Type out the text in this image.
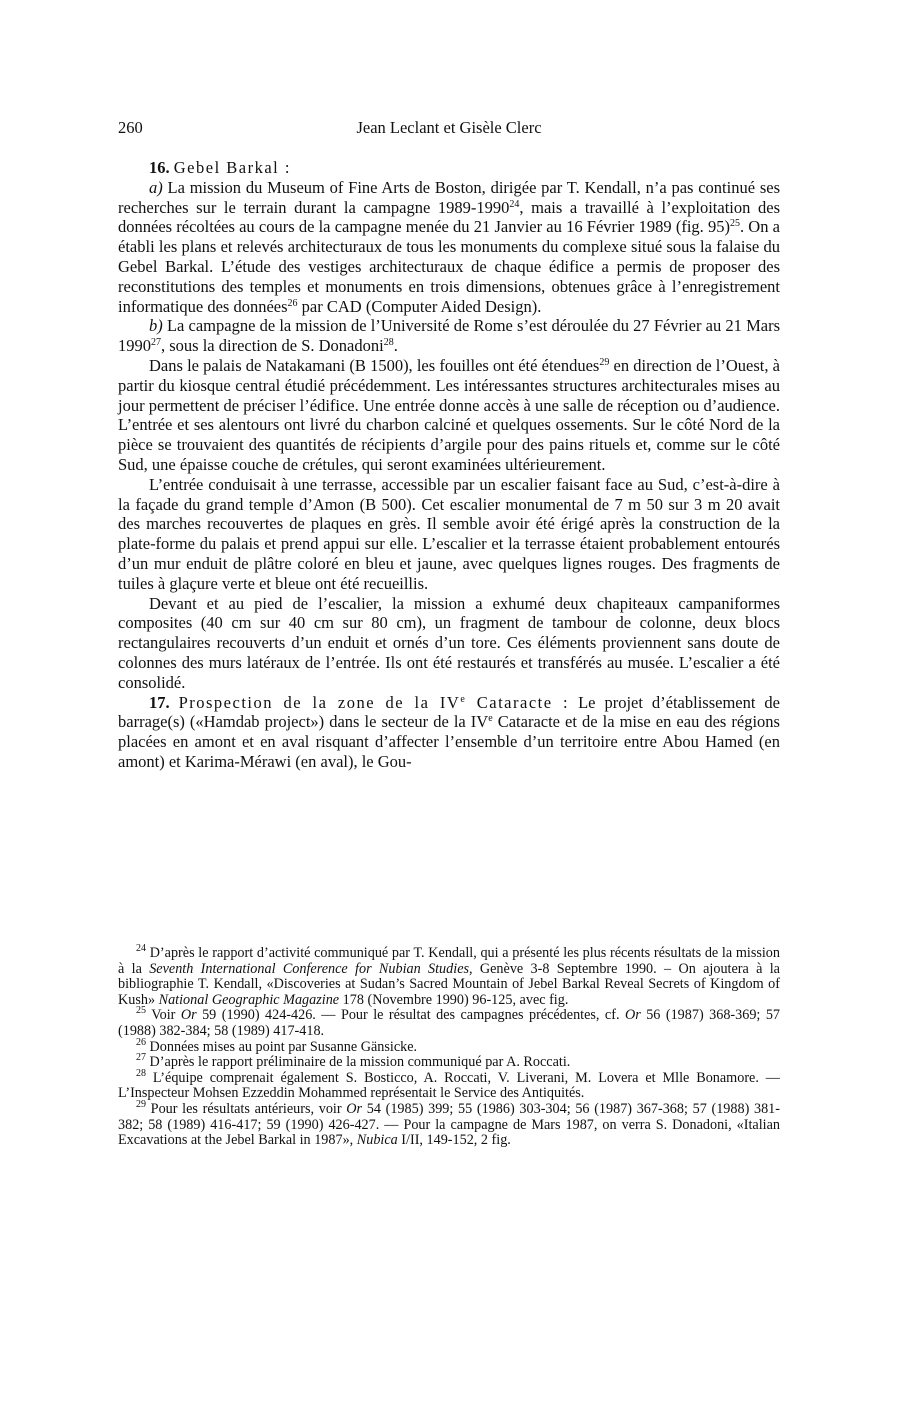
260	Jean Leclant et Gisèle Clerc

16. Gebel Barkal :

a) La mission du Museum of Fine Arts de Boston, dirigée par T. Kendall, n’a pas continué ses recherches sur le terrain durant la campagne 1989-1990$^{24}$, mais a travaillé à l’exploitation des données récoltées au cours de la campagne menée du 21 Janvier au 16 Février 1989 (fig. 95)$^{25}$. On a établi les plans et relevés architecturaux de tous les monuments du complexe situé sous la falaise du Gebel Barkal. L’étude des vestiges architecturaux de chaque édifice a permis de proposer des reconstitutions des temples et monuments en trois dimensions, obtenues grâce à l’enregistrement informatique des données$^{26}$ par CAD (Computer Aided Design).

b) La campagne de la mission de l’Université de Rome s’est déroulée du 27 Février au 21 Mars 1990$^{27}$, sous la direction de S. Donadoni$^{28}$.

Dans le palais de Natakamani (B 1500), les fouilles ont été étendues$^{29}$ en direction de l’Ouest, à partir du kiosque central étudié précédemment. Les intéressantes structures architecturales mises au jour permettent de préciser l’édifice. Une entrée donne accès à une salle de réception ou d’audience. L’entrée et ses alentours ont livré du charbon calciné et quelques ossements. Sur le côté Nord de la pièce se trouvaient des quantités de récipients d’argile pour des pains rituels et, comme sur le côté Sud, une épaisse couche de crétules, qui seront examinées ultérieurement.

L’entrée conduisait à une terrasse, accessible par un escalier faisant face au Sud, c’est-à-dire à la façade du grand temple d’Amon (B 500). Cet escalier monumental de 7 m 50 sur 3 m 20 avait des marches recouvertes de plaques en grès. Il semble avoir été érigé après la construction de la plate-forme du palais et prend appui sur elle. L’escalier et la terrasse étaient probablement entourés d’un mur enduit de plâtre coloré en bleu et jaune, avec quelques lignes rouges. Des fragments de tuiles à glaçure verte et bleue ont été recueillis.

Devant et au pied de l’escalier, la mission a exhumé deux chapiteaux campaniformes composites (40 cm sur 40 cm sur 80 cm), un fragment de tambour de colonne, deux blocs rectangulaires recouverts d’un enduit et ornés d’un tore. Ces éléments proviennent sans doute de colonnes des murs latéraux de l’entrée. Ils ont été restaurés et transférés au musée. L’escalier a été consolidé.

17. Prospection de la zone de la IVe Cataracte : Le projet d’établissement de barrage(s) («Hamdab project») dans le secteur de la IVe Cataracte et de la mise en eau des régions placées en amont et en aval risquant d’affecter l’ensemble d’un territoire entre Abou Hamed (en amont) et Karima-Mérawi (en aval), le Gou-

$^{24}$ D’après le rapport d’activité communiqué par T. Kendall, qui a présenté les plus récents résultats de la mission à la Seventh International Conference for Nubian Studies, Genève 3-8 Septembre 1990. – On ajoutera à la bibliographie T. Kendall, «Discoveries at Sudan’s Sacred Mountain of Jebel Barkal Reveal Secrets of Kingdom of Kush» National Geographic Magazine 178 (Novembre 1990) 96-125, avec fig.

$^{25}$ Voir Or 59 (1990) 424-426. — Pour le résultat des campagnes précédentes, cf. Or 56 (1987) 368-369; 57 (1988) 382-384; 58 (1989) 417-418.

$^{26}$ Données mises au point par Susanne Gänsicke.

$^{27}$ D’après le rapport préliminaire de la mission communiqué par A. Roccati.

$^{28}$ L’équipe comprenait également S. Bosticco, A. Roccati, V. Liverani, M. Lovera et Mlle Bonamore. — L’Inspecteur Mohsen Ezzeddin Mohammed représentait le Service des Antiquités.

$^{29}$ Pour les résultats antérieurs, voir Or 54 (1985) 399; 55 (1986) 303-304; 56 (1987) 367-368; 57 (1988) 381-382; 58 (1989) 416-417; 59 (1990) 426-427. — Pour la campagne de Mars 1987, on verra S. Donadoni, «Italian Excavations at the Jebel Barkal in 1987», Nubica I/II, 149-152, 2 fig.
